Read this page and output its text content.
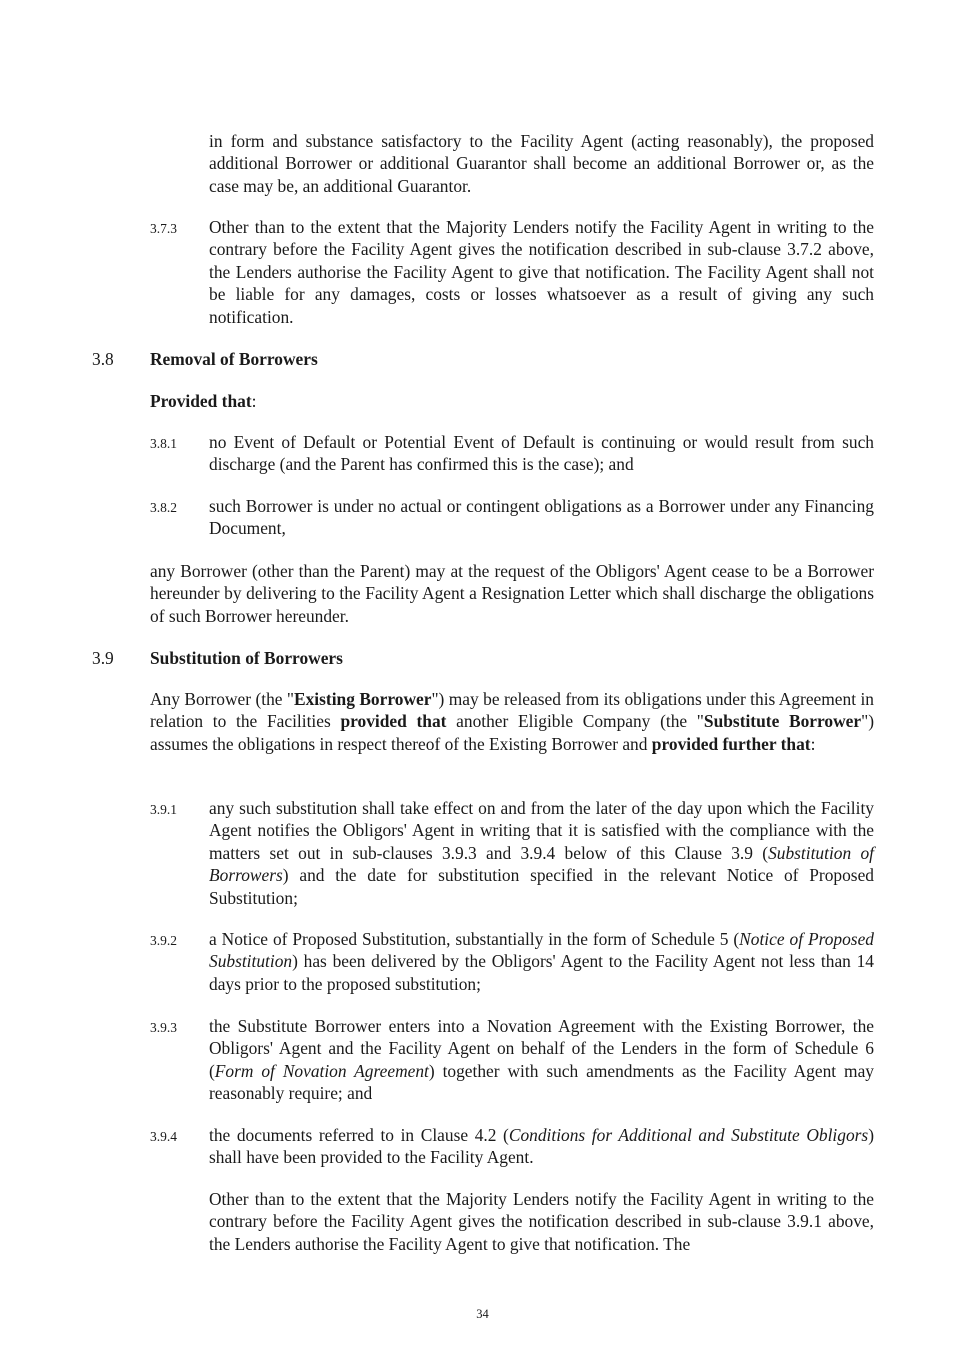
in form and substance satisfactory to the Facility Agent (acting reasonably), the proposed additional Borrower or additional Guarantor shall become an additional Borrower or, as the case may be, an additional Guarantor.

3.7.3 Other than to the extent that the Majority Lenders notify the Facility Agent in writing to the contrary before the Facility Agent gives the notification described in sub-clause 3.7.2 above, the Lenders authorise the Facility Agent to give that notification. The Facility Agent shall not be liable for any damages, costs or losses whatsoever as a result of giving any such notification.

3.8 Removal of Borrowers

Provided that:

3.8.1 no Event of Default or Potential Event of Default is continuing or would result from such discharge (and the Parent has confirmed this is the case); and

3.8.2 such Borrower is under no actual or contingent obligations as a Borrower under any Financing Document,

any Borrower (other than the Parent) may at the request of the Obligors' Agent cease to be a Borrower hereunder by delivering to the Facility Agent a Resignation Letter which shall discharge the obligations of such Borrower hereunder.

3.9 Substitution of Borrowers

Any Borrower (the "Existing Borrower") may be released from its obligations under this Agreement in relation to the Facilities provided that another Eligible Company (the "Substitute Borrower") assumes the obligations in respect thereof of the Existing Borrower and provided further that:

3.9.1 any such substitution shall take effect on and from the later of the day upon which the Facility Agent notifies the Obligors' Agent in writing that it is satisfied with the compliance with the matters set out in sub-clauses 3.9.3 and 3.9.4 below of this Clause 3.9 (Substitution of Borrowers) and the date for substitution specified in the relevant Notice of Proposed Substitution;

3.9.2 a Notice of Proposed Substitution, substantially in the form of Schedule 5 (Notice of Proposed Substitution) has been delivered by the Obligors' Agent to the Facility Agent not less than 14 days prior to the proposed substitution;

3.9.3 the Substitute Borrower enters into a Novation Agreement with the Existing Borrower, the Obligors' Agent and the Facility Agent on behalf of the Lenders in the form of Schedule 6 (Form of Novation Agreement) together with such amendments as the Facility Agent may reasonably require; and

3.9.4 the documents referred to in Clause 4.2 (Conditions for Additional and Substitute Obligors) shall have been provided to the Facility Agent.

Other than to the extent that the Majority Lenders notify the Facility Agent in writing to the contrary before the Facility Agent gives the notification described in sub-clause 3.9.1 above, the Lenders authorise the Facility Agent to give that notification. The

34
